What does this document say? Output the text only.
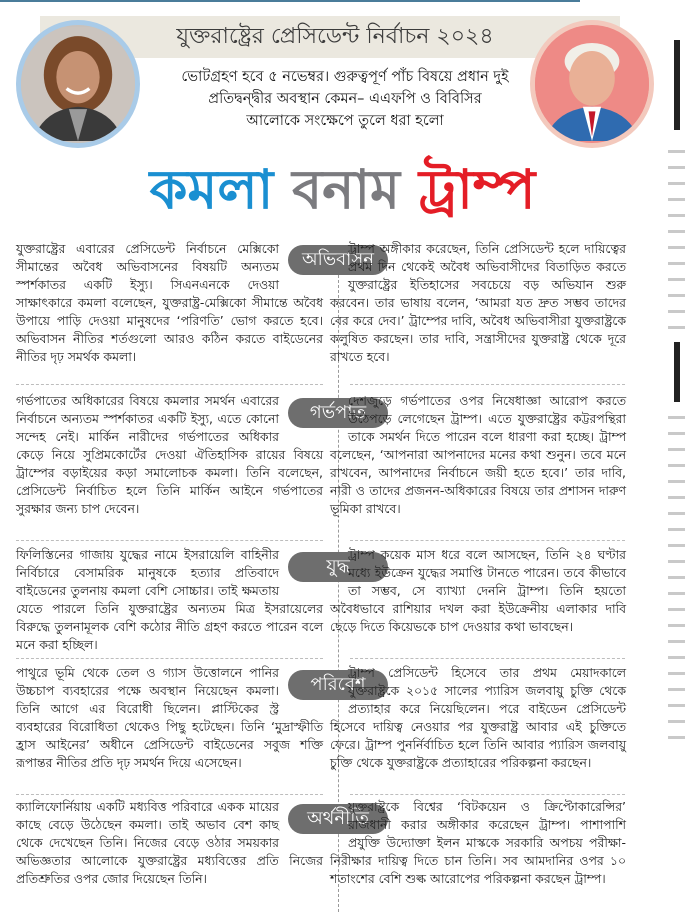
যুক্তরাষ্ট্রের প্রেসিডেন্ট নির্বাচন ২০২৪
ভোটগ্রহণ হবে ৫ নভেম্বর। গুরুত্বপূর্ণ পাঁচ বিষয়ে প্রধান দুই প্রতিদ্বন্দ্বীর অবস্থান কেমন– এএফপি ও বিবিসির আলোকে সংক্ষেপে তুলে ধরা হলো
কমলা বনাম ট্রাম্প
যুক্তরাষ্ট্রের এবারের প্রেসিডেন্ট নির্বাচনে মেক্সিকো সীমান্তের অবৈধ অভিবাসনের বিষয়টি অন্যতম স্পর্শকাতর একটি ইস্যু। সিএনএনকে দেওয়া সাক্ষাৎকারে কমলা বলেছেন, যুক্তরাষ্ট্র-মেক্সিকো সীমান্তে অবৈধ উপায়ে পাড়ি দেওয়া মানুষদের ‘পরিণতি’ ভোগ করতে হবে। অভিবাসন নীতির শর্তগুলো আরও কঠিন করতে বাইডেনের নীতির দৃঢ় সমর্থক কমলা।
অভিবাসন
ট্রাম্প অঙ্গীকার করেছেন, তিনি প্রেসিডেন্ট হলে দায়িত্বের প্রথম দিন থেকেই অবৈধ অভিবাসীদের বিতাড়িত করতে যুক্তরাষ্ট্রের ইতিহাসের সবচেয়ে বড় অভিযান শুরু করবেন। তার ভাষায় বলেন, ‘আমরা যত দ্রুত সম্ভব তাদের বের করে দেব।’ ট্রাম্পের দাবি, অবৈধ অভিবাসীরা যুক্তরাষ্ট্রকে কলুষিত করছেন। তার দাবি, সন্ত্রাসীদের যুক্তরাষ্ট্র থেকে দূরে রাখতে হবে।
গর্ভপাতের অধিকারের বিষয়ে কমলার সমর্থন এবারের নির্বাচনে অন্যতম স্পর্শকাতর একটি ইস্যু, এতে কোনো সন্দেহ নেই। মার্কিন নারীদের গর্ভপাতের অধিকার কেড়ে নিয়ে সুপ্রিমকোর্টের দেওয়া ঐতিহাসিক রায়ের বিষয়ে ট্রাম্পের বড়াইয়ের কড়া সমালোচক কমলা। তিনি বলেছেন, প্রেসিডেন্ট নির্বাচিত হলে তিনি মার্কিন আইনে গর্ভপাতের সুরক্ষার জন্য চাপ দেবেন।
গর্ভপাত
দেশজুড়ে গর্ভপাতের ওপর নিষেধাজ্ঞা আরোপ করতে উঠেপড়ে লেগেছেন ট্রাম্প। এতে যুক্তরাষ্ট্রের কট্টরপন্থিরা তাকে সমর্থন দিতে পারেন বলে ধারণা করা হচ্ছে। ট্রাম্প বলেছেন, ‘আপনারা আপনাদের মনের কথা শুনুন। তবে মনে রাখবেন, আপনাদের নির্বাচনে জয়ী হতে হবে।’ তার দাবি, নারী ও তাদের প্রজনন-অধিকারের বিষয়ে তার প্রশাসন দারুণ ভূমিকা রাখবে।
ফিলিস্তিনের গাজায় যুদ্ধের নামে ইসরায়েলি বাহিনীর নির্বিচারে বেসামরিক মানুষকে হত্যার প্রতিবাদে বাইডেনের তুলনায় কমলা বেশি সোচ্চার। তাই ক্ষমতায় যেতে পারলে তিনি যুক্তরাষ্ট্রের অন্যতম মিত্র ইসরায়েলের বিরুদ্ধে তুলনামূলক বেশি কঠোর নীতি গ্রহণ করতে পারেন বলে মনে করা হচ্ছিল।
যুদ্ধ
ট্রাম্প কয়েক মাস ধরে বলে আসছেন, তিনি ২৪ ঘণ্টার মধ্যে ইউক্রেন যুদ্ধের সমাপ্তি টানতে পারেন। তবে কীভাবে তা সম্ভব, সে ব্যাখ্যা দেননি ট্রাম্প। তিনি হয়তো অবৈধভাবে রাশিয়ার দখল করা ইউক্রেনীয় এলাকার দাবি ছেড়ে দিতে কিয়েভকে চাপ দেওয়ার কথা ভাবছেন।
পাথুরে ভূমি থেকে তেল ও গ্যাস উত্তোলনে পানির উচ্চচাপ ব্যবহারের পক্ষে অবস্থান নিয়েছেন কমলা। তিনি আগে এর বিরোধী ছিলেন। প্লাস্টিকের স্ট্র ব্যবহারের বিরোধিতা থেকেও পিছু হটেছেন। তিনি ‘মুদ্রাস্ফীতি হ্রাস আইনের’ অধীনে প্রেসিডেন্ট বাইডেনের সবুজ শক্তি রূপান্তর নীতির প্রতি দৃঢ় সমর্থন দিয়ে এসেছেন।
পরিবেশ
ট্রাম্প প্রেসিডেন্ট হিসেবে তার প্রথম মেয়াদকালে যুক্তরাষ্ট্রকে ২০১৫ সালের প্যারিস জলবায়ু চুক্তি থেকে প্রত্যাহার করে নিয়েছিলেন। পরে বাইডেন প্রেসিডেন্ট হিসেবে দায়িত্ব নেওয়ার পর যুক্তরাষ্ট্র আবার এই চুক্তিতে ফেরে। ট্রাম্প পুনর্নির্বাচিত হলে তিনি আবার প্যারিস জলবায়ু চুক্তি থেকে যুক্তরাষ্ট্রকে প্রত্যাহারের পরিকল্পনা করছেন।
ক্যালিফোর্নিয়ায় একটি মধ্যবিত্ত পরিবারে একক মায়ের কাছে বেড়ে উঠেছেন কমলা। তাই অভাব বেশ কাছ থেকে দেখেছেন তিনি। নিজের বেড়ে ওঠার সময়কার অভিজ্ঞতার আলোকে যুক্তরাষ্ট্রের মধ্যবিত্তের প্রতি নিজের প্রতিশ্রুতির ওপর জোর দিয়েছেন তিনি।
অর্থনীতি
যুক্তরাষ্ট্রকে বিশ্বের ‘বিটকয়েন ও ক্রিপ্টোকারেন্সির’ রাজধানী করার অঙ্গীকার করেছেন ট্রাম্প। পাশাপাশি প্রযুক্তি উদ্যোক্তা ইলন মাস্ককে সরকারি অপচয় পরীক্ষা-নিরীক্ষার দায়িত্ব দিতে চান তিনি। সব আমদানির ওপর ১০ শতাংশের বেশি শুল্ক আরোপের পরিকল্পনা করছেন ট্রাম্প।
